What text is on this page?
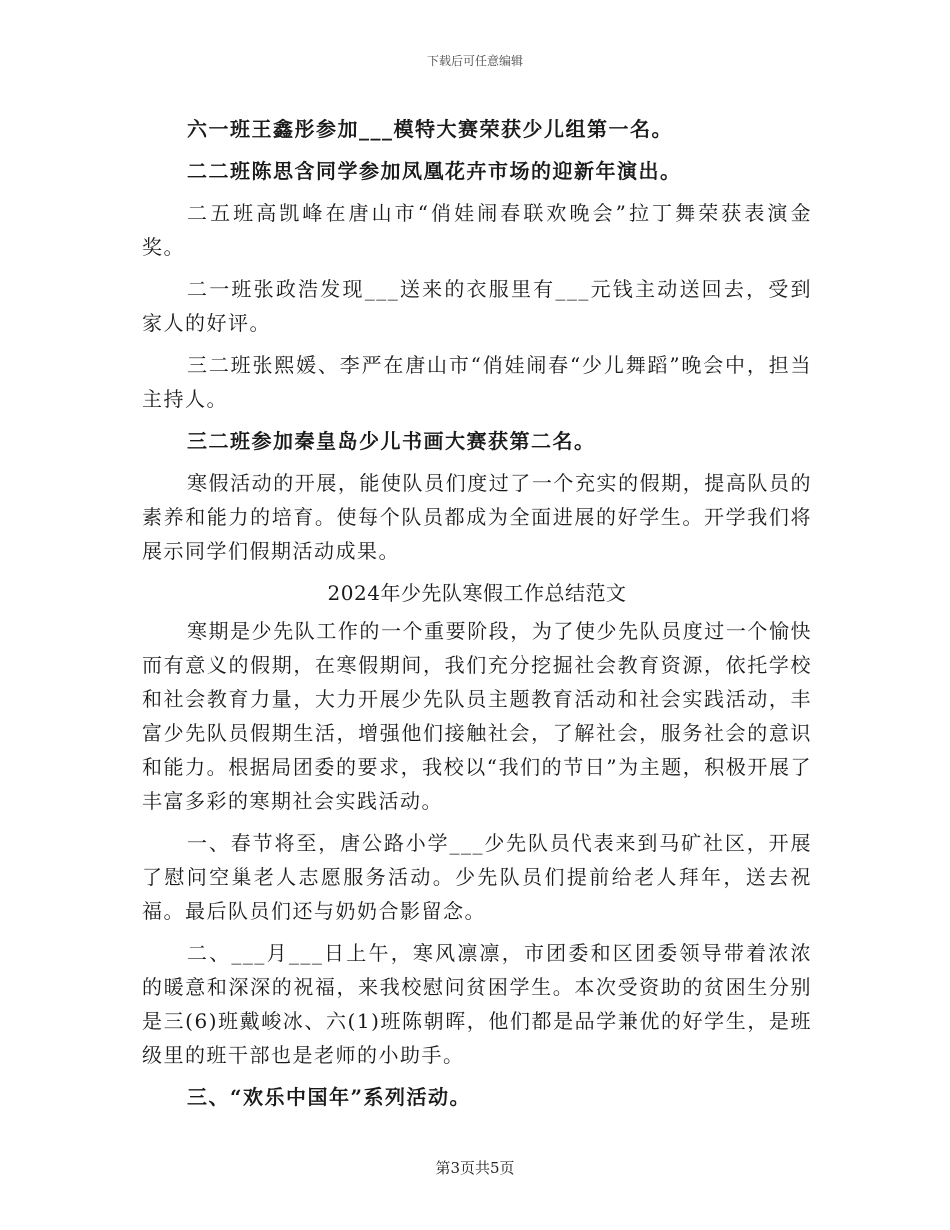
下载后可任意编辑

六一班王鑫彤参加___模特大赛荣获少儿组第一名。

二二班陈思含同学参加凤凰花卉市场的迎新年演出。

二五班高凯峰在唐山市“俏娃闹春联欢晚会”拉丁舞荣获表演金奖。

二一班张政浩发现___送来的衣服里有___元钱主动送回去，受到家人的好评。

三二班张熙媛、李严在唐山市“俏娃闹春“少儿舞蹈”晚会中，担当主持人。

三二班参加秦皇岛少儿书画大赛获第二名。

寒假活动的开展，能使队员们度过了一个充实的假期，提高队员的素养和能力的培育。使每个队员都成为全面进展的好学生。开学我们将展示同学们假期活动成果。

2024年少先队寒假工作总结范文

寒期是少先队工作的一个重要阶段，为了使少先队员度过一个愉快而有意义的假期，在寒假期间，我们充分挖掘社会教育资源，依托学校和社会教育力量，大力开展少先队员主题教育活动和社会实践活动，丰富少先队员假期生活，增强他们接触社会，了解社会，服务社会的意识和能力。根据局团委的要求，我校以“我们的节日”为主题，积极开展了丰富多彩的寒期社会实践活动。

一、春节将至，唐公路小学___少先队员代表来到马矿社区，开展了慰问空巢老人志愿服务活动。少先队员们提前给老人拜年，送去祝福。最后队员们还与奶奶合影留念。

二、___月___日上午，寒风凛凛，市团委和区团委领导带着浓浓的暖意和深深的祝福，来我校慰问贫困学生。本次受资助的贫困生分别是三(6)班戴峻冰、六(1)班陈朝晖，他们都是品学兼优的好学生，是班级里的班干部也是老师的小助手。

三、“欢乐中国年”系列活动。

第3页共5页
